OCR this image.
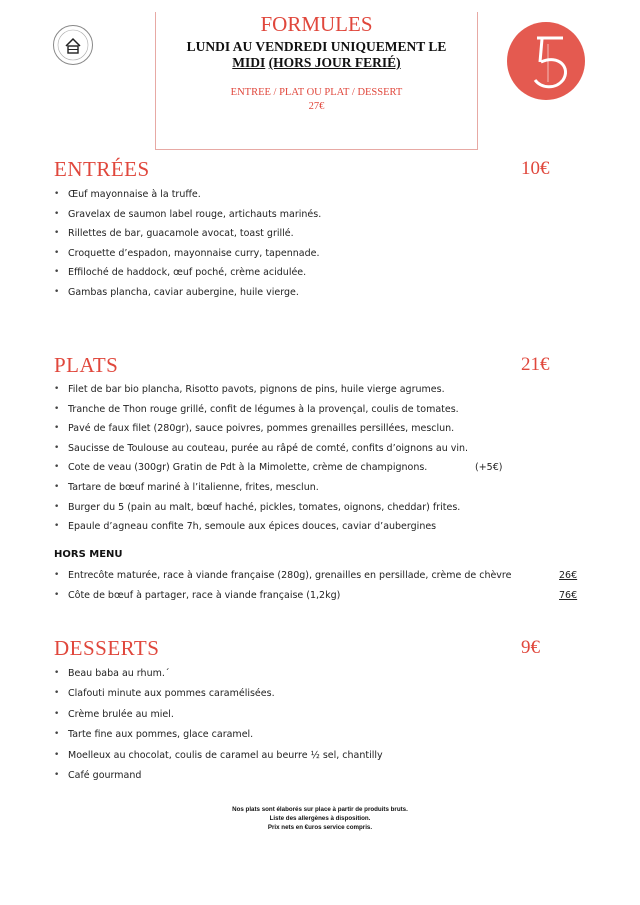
FORMULES
LUNDI AU VENDREDI UNIQUEMENT LE
MIDI (HORS JOUR FERIÉ)
ENTREE / PLAT OU PLAT / DESSERT
27€
ENTRÉES	10€
• Œuf mayonnaise à la truffe.
• Gravelax de saumon label rouge, artichauts marinés.
• Rillettes de bar, guacamole avocat, toast grillé.
• Croquette d’espadon, mayonnaise curry, tapennade.
• Effiloché de haddock, œuf poché, crème acidulée.
• Gambas plancha, caviar aubergine, huile vierge.
PLATS	21€
• Filet de bar bio plancha, Risotto pavots, pignons de pins, huile vierge agrumes.
• Tranche de Thon rouge grillé, confit de légumes à la provençal, coulis de tomates.
• Pavé de faux filet (280gr), sauce poivres, pommes grenailles persillées, mesclun.
• Saucisse de Toulouse au couteau, purée au râpé de comté, confits d’oignons au vin.
• Cote de veau (300gr) Gratin de Pdt à la Mimolette, crème de champignons.	(+5€)
• Tartare de bœuf mariné à l’italienne, frites, mesclun.
• Burger du 5 (pain au malt, bœuf haché, pickles, tomates, oignons, cheddar) frites.
• Epaule d’agneau confite 7h, semoule aux épices douces, caviar d’aubergines
HORS MENU
• Entrecôte maturée, race à viande française (280g), grenailles en persillade, crème de chèvre	26€
• Côte de bœuf à partager, race à viande française (1,2kg)	76€
DESSERTS	9€
• Beau baba au rhum.´
• Clafouti minute aux pommes caramélisées.
• Crème brulée au miel.
• Tarte fine aux pommes, glace caramel.
• Moelleux au chocolat, coulis de caramel au beurre ½ sel, chantilly
• Café gourmand
Nos plats sont élaborés sur place à partir de produits bruts.
Liste des allergènes à disposition.
Prix nets en €uros service compris.
